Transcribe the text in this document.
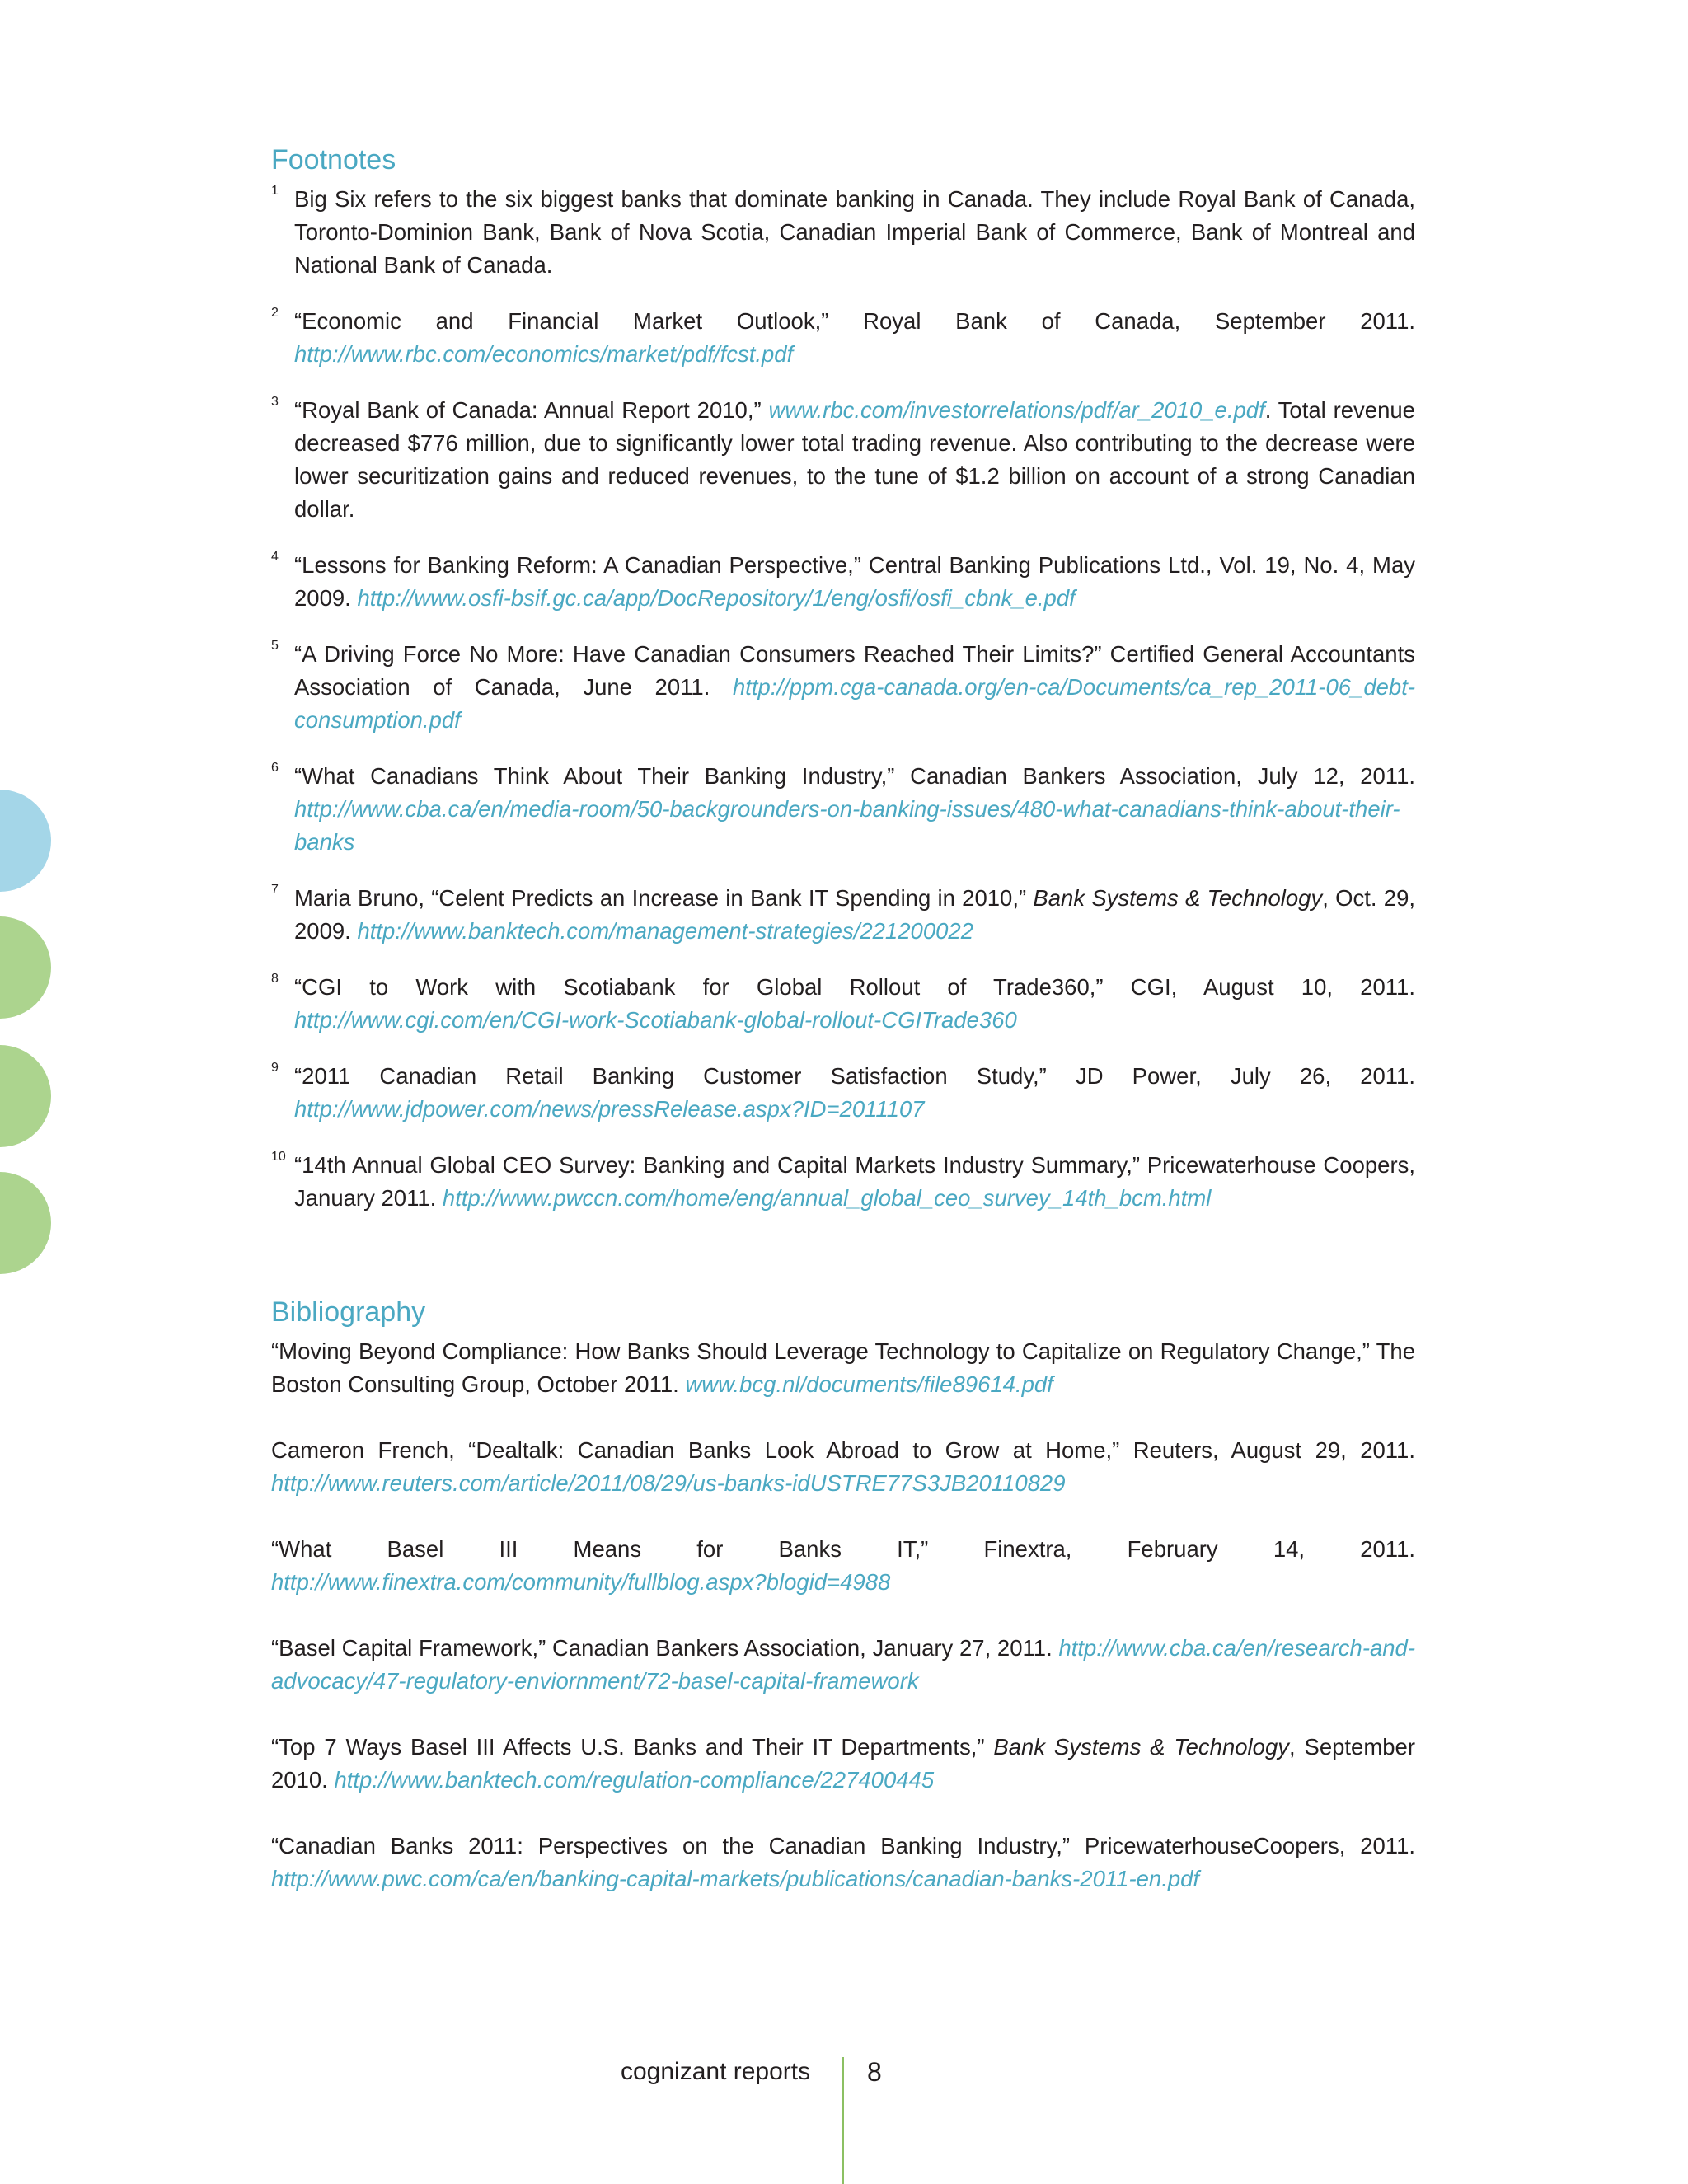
Footnotes
1 Big Six refers to the six biggest banks that dominate banking in Canada. They include Royal Bank of Canada, Toronto-Dominion Bank, Bank of Nova Scotia, Canadian Imperial Bank of Commerce, Bank of Montreal and National Bank of Canada.
2 “Economic and Financial Market Outlook,” Royal Bank of Canada, September 2011. http://www.rbc.com/economics/market/pdf/fcst.pdf
3 “Royal Bank of Canada: Annual Report 2010,” www.rbc.com/investorrelations/pdf/ar_2010_e.pdf. Total revenue decreased $776 million, due to significantly lower total trading revenue. Also contributing to the decrease were lower securitization gains and reduced revenues, to the tune of $1.2 billion on account of a strong Canadian dollar.
4 “Lessons for Banking Reform: A Canadian Perspective,” Central Banking Publications Ltd., Vol. 19, No. 4, May 2009. http://www.osfi-bsif.gc.ca/app/DocRepository/1/eng/osfi/osfi_cbnk_e.pdf
5 “A Driving Force No More: Have Canadian Consumers Reached Their Limits?” Certified General Accountants Association of Canada, June 2011. http://ppm.cga-canada.org/en-ca/Documents/ca_rep_2011-06_debt-consumption.pdf
6 “What Canadians Think About Their Banking Industry,” Canadian Bankers Association, July 12, 2011. http://www.cba.ca/en/media-room/50-backgrounders-on-banking-issues/480-what-canadians-think-about-their-banks
7 Maria Bruno, “Celent Predicts an Increase in Bank IT Spending in 2010,” Bank Systems & Technology, Oct. 29, 2009. http://www.banktech.com/management-strategies/221200022
8 “CGI to Work with Scotiabank for Global Rollout of Trade360,” CGI, August 10, 2011. http://www.cgi.com/en/CGI-work-Scotiabank-global-rollout-CGITrade360
9 “2011 Canadian Retail Banking Customer Satisfaction Study,” JD Power, July 26, 2011. http://www.jdpower.com/news/pressRelease.aspx?ID=2011107
10 “14th Annual Global CEO Survey: Banking and Capital Markets Industry Summary,” Pricewaterhouse Coopers, January 2011. http://www.pwccn.com/home/eng/annual_global_ceo_survey_14th_bcm.html
Bibliography
“Moving Beyond Compliance: How Banks Should Leverage Technology to Capitalize on Regulatory Change,” The Boston Consulting Group, October 2011. www.bcg.nl/documents/file89614.pdf
Cameron French, “Dealtalk: Canadian Banks Look Abroad to Grow at Home,” Reuters, August 29, 2011. http://www.reuters.com/article/2011/08/29/us-banks-idUSTRE77S3JB20110829
“What Basel III Means for Banks IT,” Finextra, February 14, 2011. http://www.finextra.com/community/fullblog.aspx?blogid=4988
“Basel Capital Framework,” Canadian Bankers Association, January 27, 2011. http://www.cba.ca/en/research-and-advocacy/47-regulatory-enviornment/72-basel-capital-framework
“Top 7 Ways Basel III Affects U.S. Banks and Their IT Departments,” Bank Systems & Technology, September 2010. http://www.banktech.com/regulation-compliance/227400445
“Canadian Banks 2011: Perspectives on the Canadian Banking Industry,” PricewaterhouseCoopers, 2011. http://www.pwc.com/ca/en/banking-capital-markets/publications/canadian-banks-2011-en.pdf
cognizant reports 8
